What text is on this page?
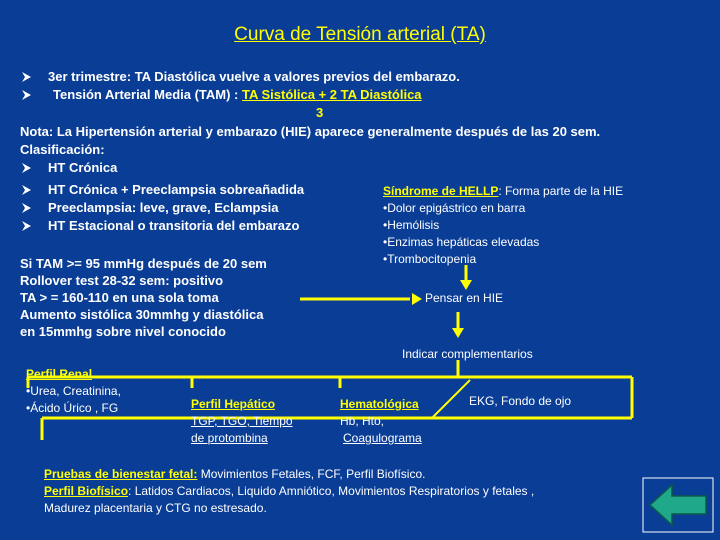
Curva de Tensión arterial (TA)
3er trimestre: TA Diastólica vuelve a valores previos del embarazo.
Tensión Arterial Media (TAM) : TA Sistólica + 2 TA Diastólica
3
Nota: La Hipertensión arterial y embarazo (HIE) aparece generalmente después de las 20 sem.
Clasificación:
HT Crónica
HT Crónica + Preeclampsia sobreañadida
Preeclampsia: leve, grave, Eclampsia
HT Estacional o transitoria del embarazo
Síndrome de HELLP: Forma parte de la HIE
•Dolor epigástrico en barra
•Hemólisis
•Enzimas hepáticas elevadas
•Trombocitopenia
Si TAM >= 95 mmHg después de 20 sem
Rollover test 28-32 sem: positivo
TA > = 160-110 en una sola toma
Aumento sistólica 30mmhg y diastólica
en 15mmhg sobre nivel conocido
Pensar en HIE
Indicar complementarios
Perfil Renal
•Urea, Creatinina,
•Ácido Úrico , FG	Perfil Hepático
TGP, TGO, Tiempo
de protombina
Hematológica
Hb, Hto,
Coagulograma
EKG, Fondo de ojo
Pruebas de bienestar fetal: Movimientos Fetales, FCF, Perfil Biofísico.
Perfil Biofísico: Latidos Cardiacos, Liquido Amniótico, Movimientos Respiratorios y fetales ,
Madurez placentaria y CTG no estresado.
